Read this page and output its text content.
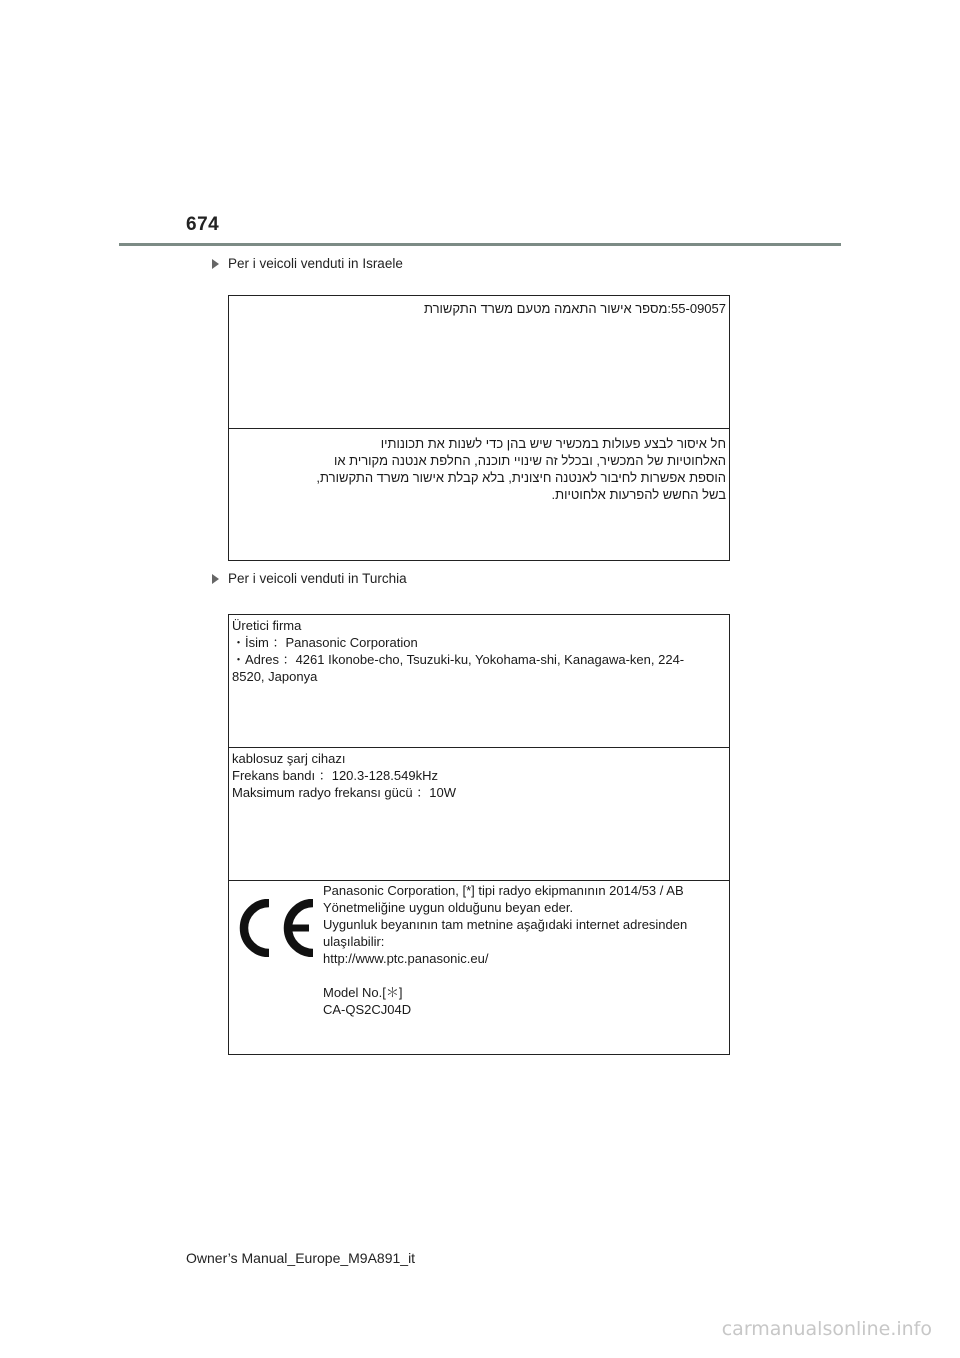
674
Per i veicoli venduti in Israele
55-09057:מספר אישור התאמה מטעם משרד התקשורת
חל איסור לבצע פעולות במכשיר שיש בהן כדי לשנות את תכונותיו
האלחוטיות של המכשיר, ובכלל זה שינויי תוכנה, החלפת אנטנה מקורית או
הוספת אפשרות לחיבור לאנטנה חיצונית, בלא קבלת אישור משרד התקשורת,
בשל החשש להפרעות אלחוטיות.
Per i veicoli venduti in Turchia
Üretici firma
・İsim ：Panasonic Corporation
・Adres ：4261 Ikonobe-cho, Tsuzuki-ku, Yokohama-shi, Kanagawa-ken, 224-
8520, Japonya
kablosuz şarj cihazı
Frekans bandı ：120.3-128.549kHz
Maksimum radyo frekansı gücü ：10W
Panasonic Corporation, [*] tipi radyo ekipmanının 2014/53 / AB
Yönetmeliğine uygun olduğunu beyan eder.
Uygunluk beyanının tam metnine aşağıdaki internet adresinden
ulaşılabilir:
http://www.ptc.panasonic.eu/
Model No.[＊]
CA-QS2CJ04D
Owner’s Manual_Europe_M9A891_it
carmanualsonline.info
